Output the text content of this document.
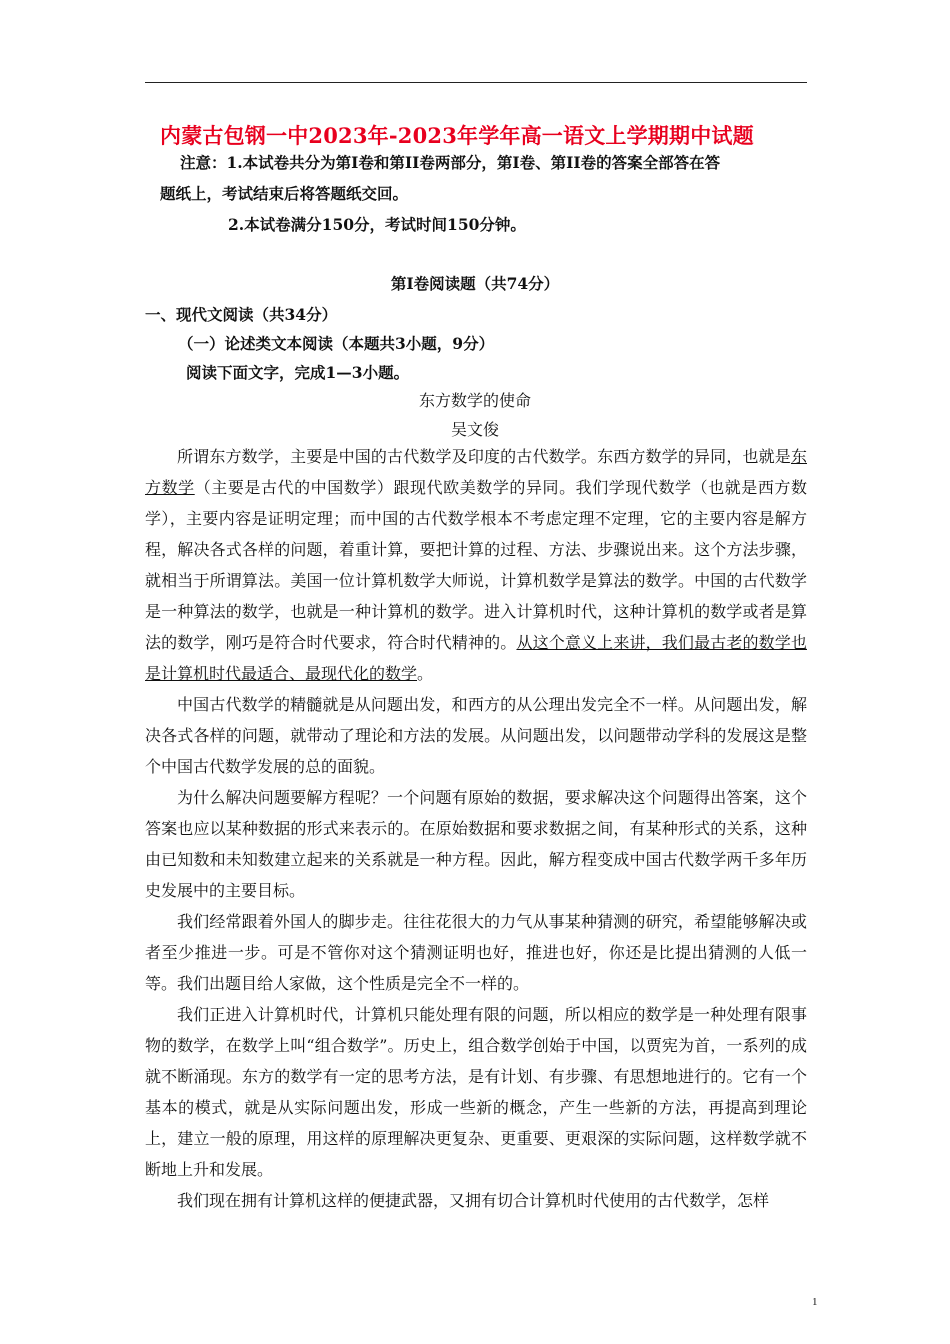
内蒙古包钢一中2023年-2023年学年高一语文上学期期中试题
注意：1.本试卷共分为第Ⅰ卷和第II卷两部分，第Ⅰ卷、第II卷的答案全部答在答
题纸上，考试结束后将答题纸交回。
2.本试卷满分150分，考试时间150分钟。
第Ⅰ卷阅读题（共74分）
一、现代文阅读（共34分）
（一）论述类文本阅读（本题共3小题，9分）
阅读下面文字，完成1—3小题。
东方数学的使命
吴文俊

所谓东方数学，主要是中国的古代数学及印度的古代数学。东西方数学的异同，也就是东方数学（主要是古代的中国数学）跟现代欧美数学的异同。我们学现代数学（也就是西方数学），主要内容是证明定理；而中国的古代数学根本不考虑定理不定理，它的主要内容是解方程，解决各式各样的问题，着重计算，要把计算的过程、方法、步骤说出来。这个方法步骤，就相当于所谓算法。美国一位计算机数学大师说，计算机数学是算法的数学。中国的古代数学是一种算法的数学，也就是一种计算机的数学。进入计算机时代，这种计算机的数学或者是算法的数学，刚巧是符合时代要求，符合时代精神的。从这个意义上来讲，我们最古老的数学也是计算机时代最适合、最现代化的数学。

中国古代数学的精髓就是从问题出发，和西方的从公理出发完全不一样。从问题出发，解决各式各样的问题，就带动了理论和方法的发展。从问题出发，以问题带动学科的发展这是整个中国古代数学发展的总的面貌。

为什么解决问题要解方程呢？一个问题有原始的数据，要求解决这个问题得出答案，这个答案也应以某种数据的形式来表示的。在原始数据和要求数据之间，有某种形式的关系，这种由已知数和未知数建立起来的关系就是一种方程。因此，解方程变成中国古代数学两千多年历史发展中的主要目标。

我们经常跟着外国人的脚步走。往往花很大的力气从事某种猜测的研究，希望能够解决或者至少推进一步。可是不管你对这个猜测证明也好，推进也好，你还是比提出猜测的人低一等。我们出题目给人家做，这个性质是完全不一样的。

我们正进入计算机时代，计算机只能处理有限的问题，所以相应的数学是一种处理有限事物的数学，在数学上叫“组合数学”。历史上，组合数学创始于中国，以贾宪为首，一系列的成就不断涌现。东方的数学有一定的思考方法，是有计划、有步骤、有思想地进行的。它有一个基本的模式，就是从实际问题出发，形成一些新的概念，产生一些新的方法，再提高到理论上，建立一般的原理，用这样的原理解决更复杂、更重要、更艰深的实际问题，这样数学就不断地上升和发展。

我们现在拥有计算机这样的便捷武器，又拥有切合计算机时代使用的古代数学，怎样

1
